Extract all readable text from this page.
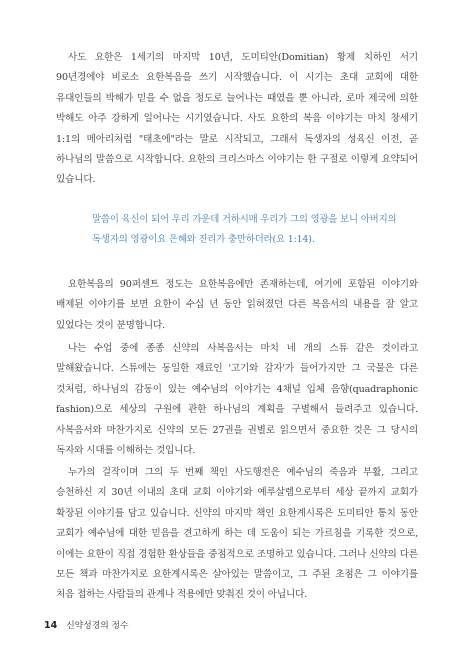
사도 요한은 1세기의 마지막 10년, 도미티안(Domitian) 황제 치하인 서기 90년경에야 비로소 요한복음을 쓰기 시작했습니다. 이 시기는 초대 교회에 대한 유대인들의 박해가 믿을 수 없을 정도로 늘어나는 때였을 뿐 아니라, 로마 제국에 의한 박해도 아주 강하게 일어나는 시기였습니다. 사도 요한의 복음 이야기는 마치 창세기 1:1의 메아리처럼 "태초에"라는 말로 시작되고, 그래서 독생자의 성육신 이전, 곧 하나님의 말씀으로 시작합니다. 요한의 크리스마스 이야기는 한 구절로 이렇게 요약되어 있습니다.

말씀이 육신이 되어 우리 가운데 거하시매 우리가 그의 영광을 보니 아버지의 독생자의 영광이요 은혜와 진리가 충만하더라(요 1:14).

요한복음의 90퍼센트 정도는 요한복음에만 존재하는데, 여기에 포함된 이야기와 배제된 이야기를 보면 요한이 수십 년 동안 읽혀졌던 다른 복음서의 내용을 잘 알고 있었다는 것이 분명합니다.

나는 수업 중에 종종 신약의 사복음서는 마치 네 개의 스튜 같은 것이라고 말해왔습니다. 스튜에는 동일한 재료인 '고기와 감자'가 들어가지만 그 국물은 다른 것처럼, 하나님의 감동이 있는 예수님의 이야기는 4채널 입체 음향(quadraphonic fashion)으로 세상의 구원에 관한 하나님의 계획을 구별해서 들려주고 있습니다. 사복음서와 마찬가지로 신약의 모든 27권을 권별로 읽으면서 중요한 것은 그 당시의 독자와 시대를 이해하는 것입니다.

누가의 걸작이며 그의 두 번째 책인 사도행전은 예수님의 죽음과 부활, 그리고 승천하신 지 30년 이내의 초대 교회 이야기와 예루살렘으로부터 세상 끝까지 교회가 확장된 이야기를 담고 있습니다. 신약의 마지막 책인 요한계시록은 도미티안 통치 동안 교회가 예수님에 대한 믿음을 견고하게 하는 데 도움이 되는 가르침을 기록한 것으로, 이에는 요한이 직접 경험한 환상들을 중점적으로 조명하고 있습니다. 그러나 신약의 다른 모든 책과 마찬가지로 요한계시록은 살아있는 말씀이고, 그 주된 초점은 그 이야기를 처음 접하는 사람들의 관계나 적용에만 맞춰진 것이 아닙니다.

14 신약성경의 정수
